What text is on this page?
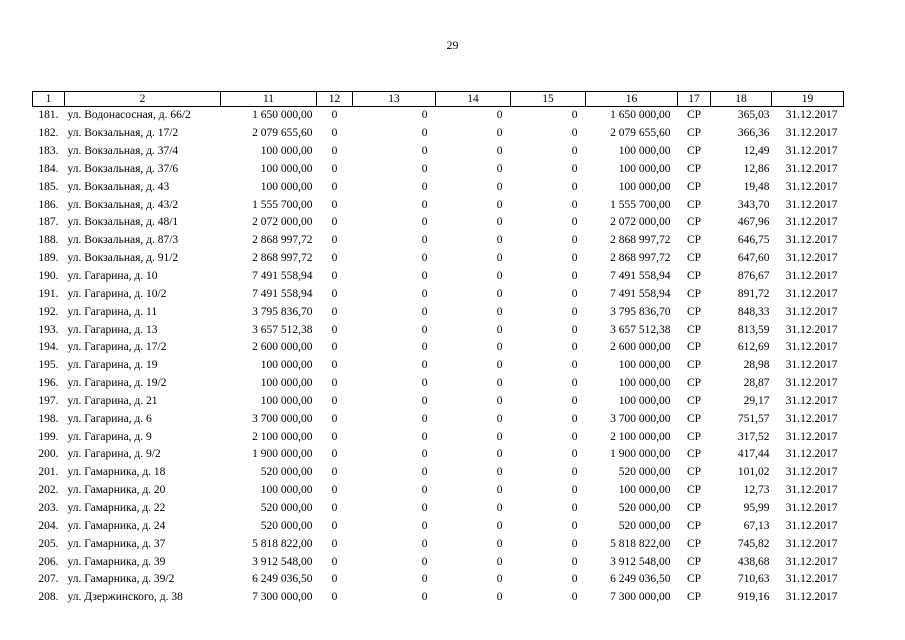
29
1	2	11	12	13	14	15	16	17	18	19
181.	ул. Водонасосная, д. 66/2	1 650 000,00	0	0	0	0	1 650 000,00	СР	365,03	31.12.2017
182.	ул. Вокзальная, д. 17/2	2 079 655,60	0	0	0	0	2 079 655,60	СР	366,36	31.12.2017
183.	ул. Вокзальная, д. 37/4	100 000,00	0	0	0	0	100 000,00	СР	12,49	31.12.2017
184.	ул. Вокзальная, д. 37/6	100 000,00	0	0	0	0	100 000,00	СР	12,86	31.12.2017
185.	ул. Вокзальная, д. 43	100 000,00	0	0	0	0	100 000,00	СР	19,48	31.12.2017
186.	ул. Вокзальная, д. 43/2	1 555 700,00	0	0	0	0	1 555 700,00	СР	343,70	31.12.2017
187.	ул. Вокзальная, д. 48/1	2 072 000,00	0	0	0	0	2 072 000,00	СР	467,96	31.12.2017
188.	ул. Вокзальная, д. 87/3	2 868 997,72	0	0	0	0	2 868 997,72	СР	646,75	31.12.2017
189.	ул. Вокзальная, д. 91/2	2 868 997,72	0	0	0	0	2 868 997,72	СР	647,60	31.12.2017
190.	ул. Гагарина, д. 10	7 491 558,94	0	0	0	0	7 491 558,94	СР	876,67	31.12.2017
191.	ул. Гагарина, д. 10/2	7 491 558,94	0	0	0	0	7 491 558,94	СР	891,72	31.12.2017
192.	ул. Гагарина, д. 11	3 795 836,70	0	0	0	0	3 795 836,70	СР	848,33	31.12.2017
193.	ул. Гагарина, д. 13	3 657 512,38	0	0	0	0	3 657 512,38	СР	813,59	31.12.2017
194.	ул. Гагарина, д. 17/2	2 600 000,00	0	0	0	0	2 600 000,00	СР	612,69	31.12.2017
195.	ул. Гагарина, д. 19	100 000,00	0	0	0	0	100 000,00	СР	28,98	31.12.2017
196.	ул. Гагарина, д. 19/2	100 000,00	0	0	0	0	100 000,00	СР	28,87	31.12.2017
197.	ул. Гагарина, д. 21	100 000,00	0	0	0	0	100 000,00	СР	29,17	31.12.2017
198.	ул. Гагарина, д. 6	3 700 000,00	0	0	0	0	3 700 000,00	СР	751,57	31.12.2017
199.	ул. Гагарина, д. 9	2 100 000,00	0	0	0	0	2 100 000,00	СР	317,52	31.12.2017
200.	ул. Гагарина, д. 9/2	1 900 000,00	0	0	0	0	1 900 000,00	СР	417,44	31.12.2017
201.	ул. Гамарника, д. 18	520 000,00	0	0	0	0	520 000,00	СР	101,02	31.12.2017
202.	ул. Гамарника, д. 20	100 000,00	0	0	0	0	100 000,00	СР	12,73	31.12.2017
203.	ул. Гамарника, д. 22	520 000,00	0	0	0	0	520 000,00	СР	95,99	31.12.2017
204.	ул. Гамарника, д. 24	520 000,00	0	0	0	0	520 000,00	СР	67,13	31.12.2017
205.	ул. Гамарника, д. 37	5 818 822,00	0	0	0	0	5 818 822,00	СР	745,82	31.12.2017
206.	ул. Гамарника, д. 39	3 912 548,00	0	0	0	0	3 912 548,00	СР	438,68	31.12.2017
207.	ул. Гамарника, д. 39/2	6 249 036,50	0	0	0	0	6 249 036,50	СР	710,63	31.12.2017
208.	ул. Дзержинского, д. 38	7 300 000,00	0	0	0	0	7 300 000,00	СР	919,16	31.12.2017
